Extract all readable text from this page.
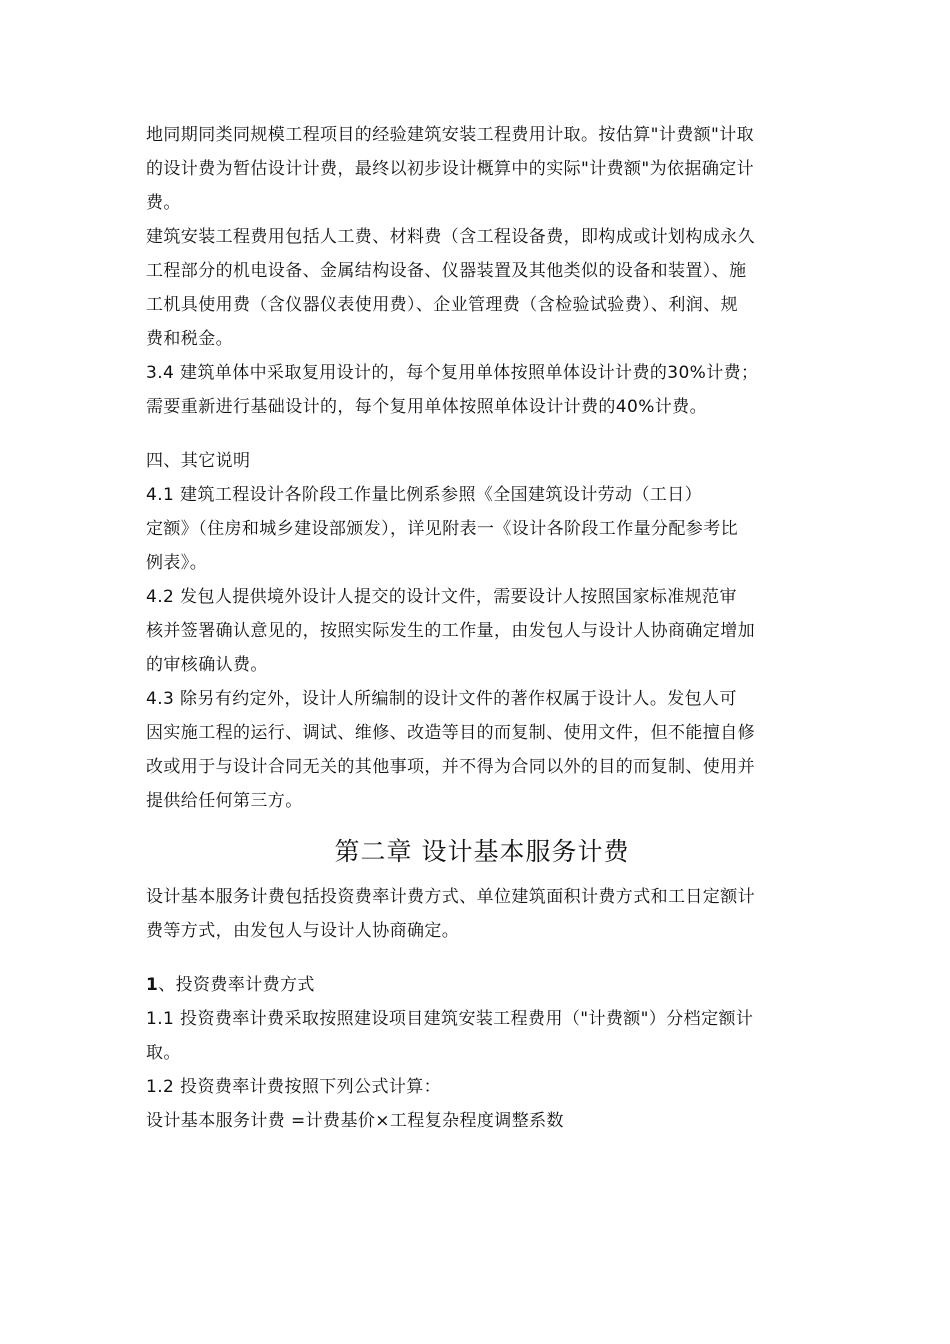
地同期同类同规模工程项目的经验建筑安装工程费用计取。按估算"计费额"计取
的设计费为暂估设计计费，最终以初步设计概算中的实际"计费额"为依据确定计
费。
建筑安装工程费用包括人工费、材料费（含工程设备费，即构成或计划构成永久
工程部分的机电设备、金属结构设备、仪器装置及其他类似的设备和装置）、施
工机具使用费（含仪器仪表使用费）、企业管理费（含检验试验费）、利润、规
费和税金。
3.4 建筑单体中采取复用设计的，每个复用单体按照单体设计计费的30%计费；
需要重新进行基础设计的，每个复用单体按照单体设计计费的40%计费。
四、其它说明
4.1 建筑工程设计各阶段工作量比例系参照《全国建筑设计劳动（工日）
定额》（住房和城乡建设部颁发），详见附表一《设计各阶段工作量分配参考比
例表》。
4.2 发包人提供境外设计人提交的设计文件，需要设计人按照国家标准规范审
核并签署确认意见的，按照实际发生的工作量，由发包人与设计人协商确定增加
的审核确认费。
4.3 除另有约定外，设计人所编制的设计文件的著作权属于设计人。发包人可
因实施工程的运行、调试、维修、改造等目的而复制、使用文件，但不能擅自修
改或用于与设计合同无关的其他事项，并不得为合同以外的目的而复制、使用并
提供给任何第三方。
第二章 设计基本服务计费
设计基本服务计费包括投资费率计费方式、单位建筑面积计费方式和工日定额计
费等方式，由发包人与设计人协商确定。
1、投资费率计费方式
1.1 投资费率计费采取按照建设项目建筑安装工程费用（"计费额"）分档定额计
取。
1.2 投资费率计费按照下列公式计算：
设计基本服务计费 =计费基价×工程复杂程度调整系数
